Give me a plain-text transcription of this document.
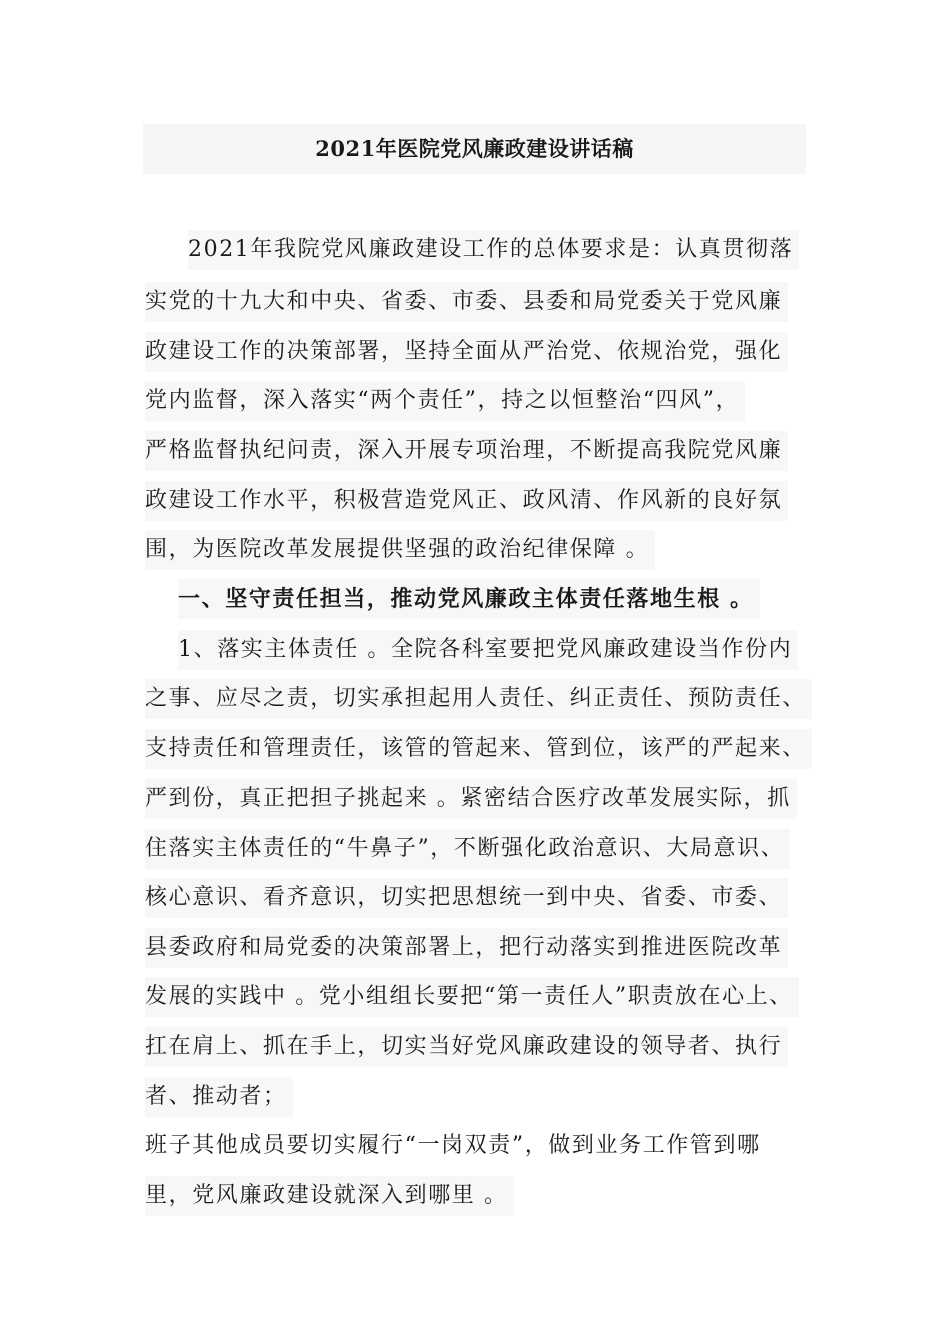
2021年医院党风廉政建设讲话稿
2021年我院党风廉政建设工作的总体要求是：认真贯彻落
实党的十九大和中央、省委、市委、县委和局党委关于党风廉
政建设工作的决策部署，坚持全面从严治党、依规治党，强化
党内监督，深入落实“两个责任”，持之以恒整治“四风”，
严格监督执纪问责，深入开展专项治理，不断提高我院党风廉
政建设工作水平，积极营造党风正、政风清、作风新的良好氛
围，为医院改革发展提供坚强的政治纪律保障 。
一、坚守责任担当，推动党风廉政主体责任落地生根 。
1、落实主体责任 。全院各科室要把党风廉政建设当作份内
之事、应尽之责，切实承担起用人责任、纠正责任、预防责任、
支持责任和管理责任，该管的管起来、管到位，该严的严起来、
严到份，真正把担子挑起来 。紧密结合医疗改革发展实际，抓
住落实主体责任的“牛鼻子”，不断强化政治意识、大局意识、
核心意识、看齐意识，切实把思想统一到中央、省委、市委、
县委政府和局党委的决策部署上，把行动落实到推进医院改革
发展的实践中 。党小组组长要把“第一责任人”职责放在心上、
扛在肩上、抓在手上，切实当好党风廉政建设的领导者、执行
者、推动者；
班子其他成员要切实履行“一岗双责”，做到业务工作管到哪
里，党风廉政建设就深入到哪里 。
